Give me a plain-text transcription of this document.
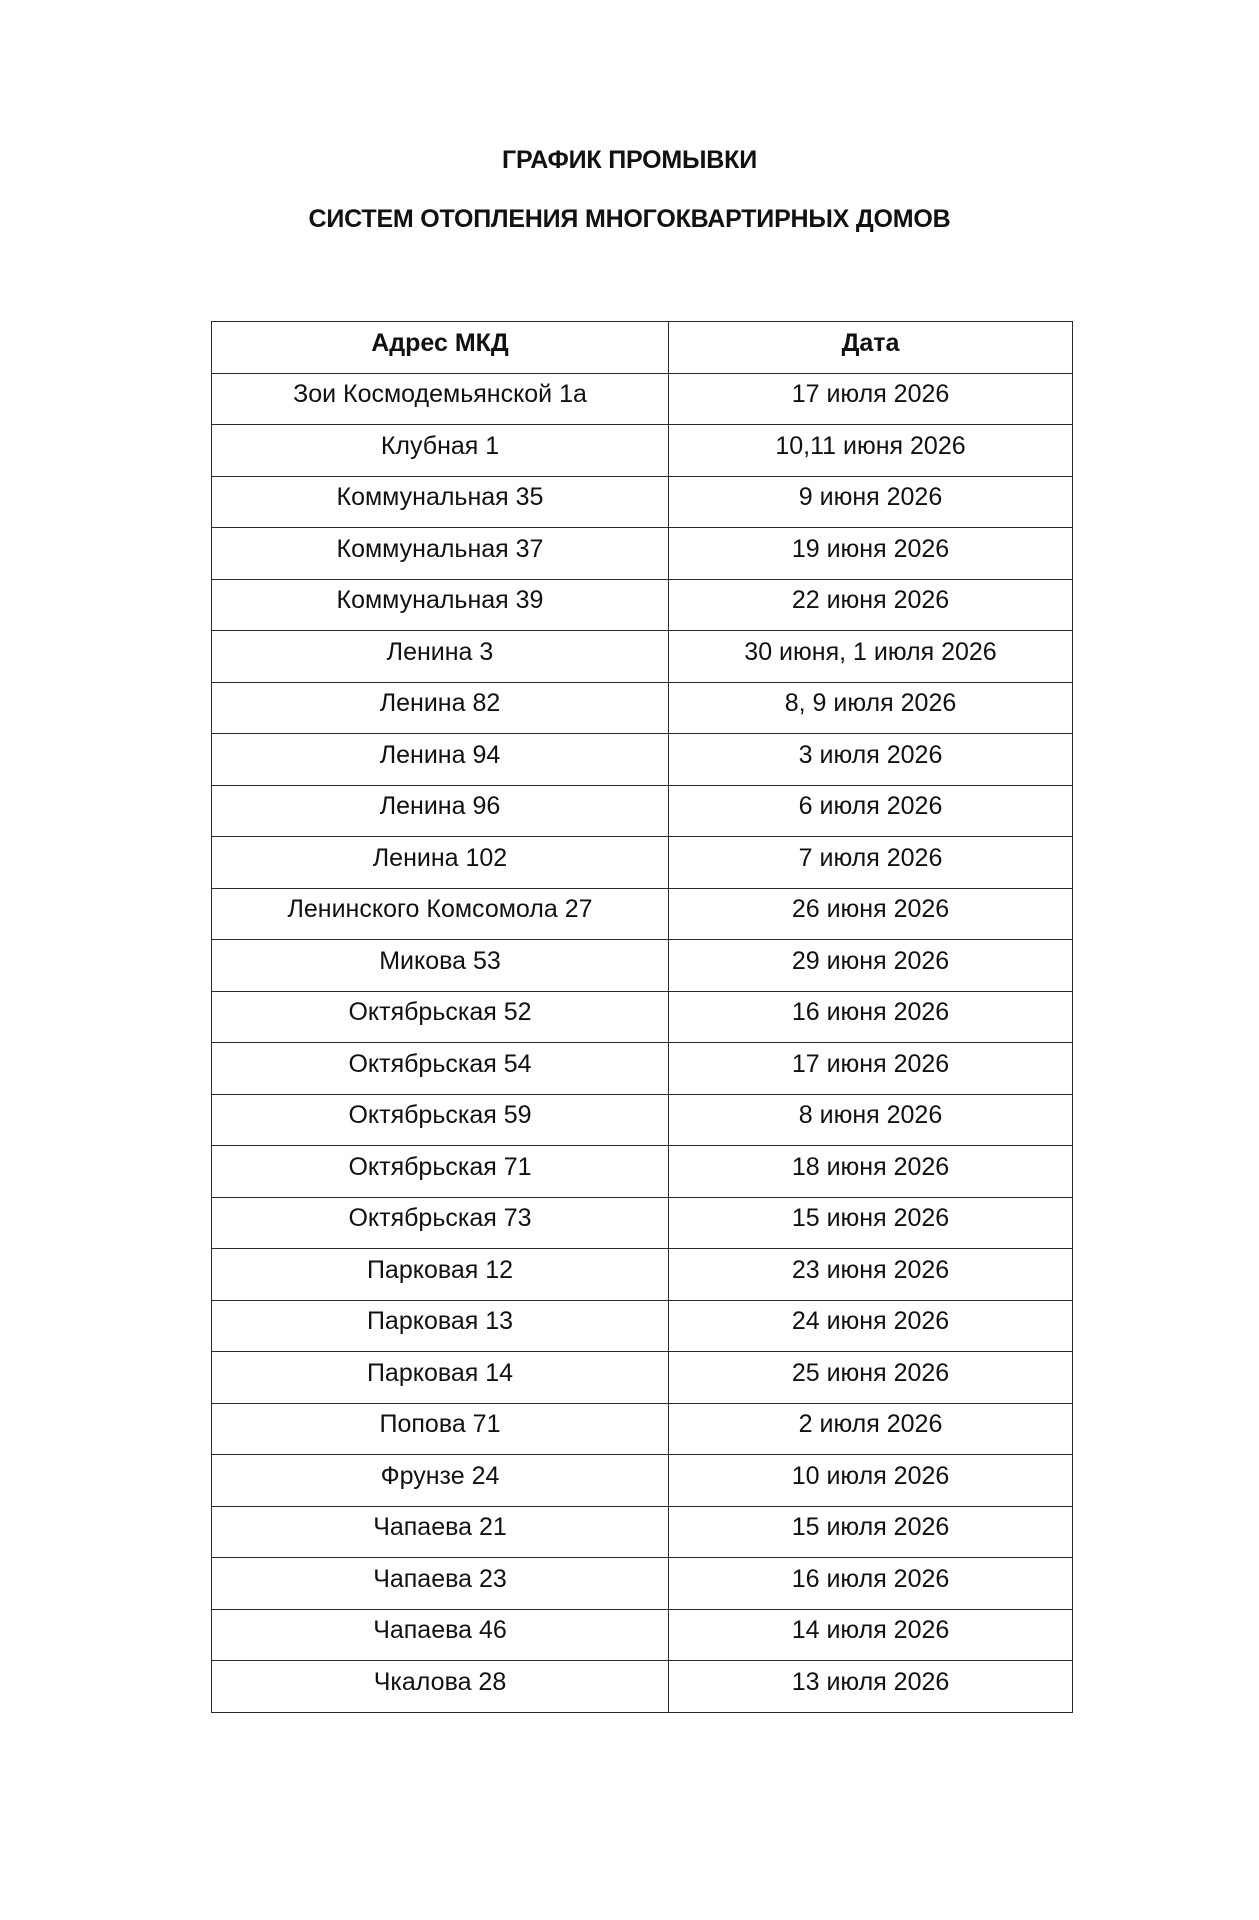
ГРАФИК ПРОМЫВКИ
СИСТЕМ ОТОПЛЕНИЯ МНОГОКВАРТИРНЫХ ДОМОВ
Адрес МКД	Дата
Зои Космодемьянской 1а	17 июля 2026
Клубная 1	10,11 июня 2026
Коммунальная 35	9 июня 2026
Коммунальная 37	19 июня 2026
Коммунальная 39	22 июня 2026
Ленина 3	30 июня, 1 июля 2026
Ленина 82	8, 9 июля 2026
Ленина 94	3 июля 2026
Ленина 96	6 июля 2026
Ленина 102	7 июля 2026
Ленинского Комсомола 27	26 июня 2026
Микова 53	29 июня 2026
Октябрьская 52	16 июня 2026
Октябрьская 54	17 июня 2026
Октябрьская 59	8 июня 2026
Октябрьская 71	18 июня 2026
Октябрьская 73	15 июня 2026
Парковая 12	23 июня 2026
Парковая 13	24 июня 2026
Парковая 14	25 июня 2026
Попова 71	2 июля 2026
Фрунзе 24	10 июля 2026
Чапаева 21	15 июля 2026
Чапаева 23	16 июля 2026
Чапаева 46	14 июля 2026
Чкалова 28	13 июля 2026
